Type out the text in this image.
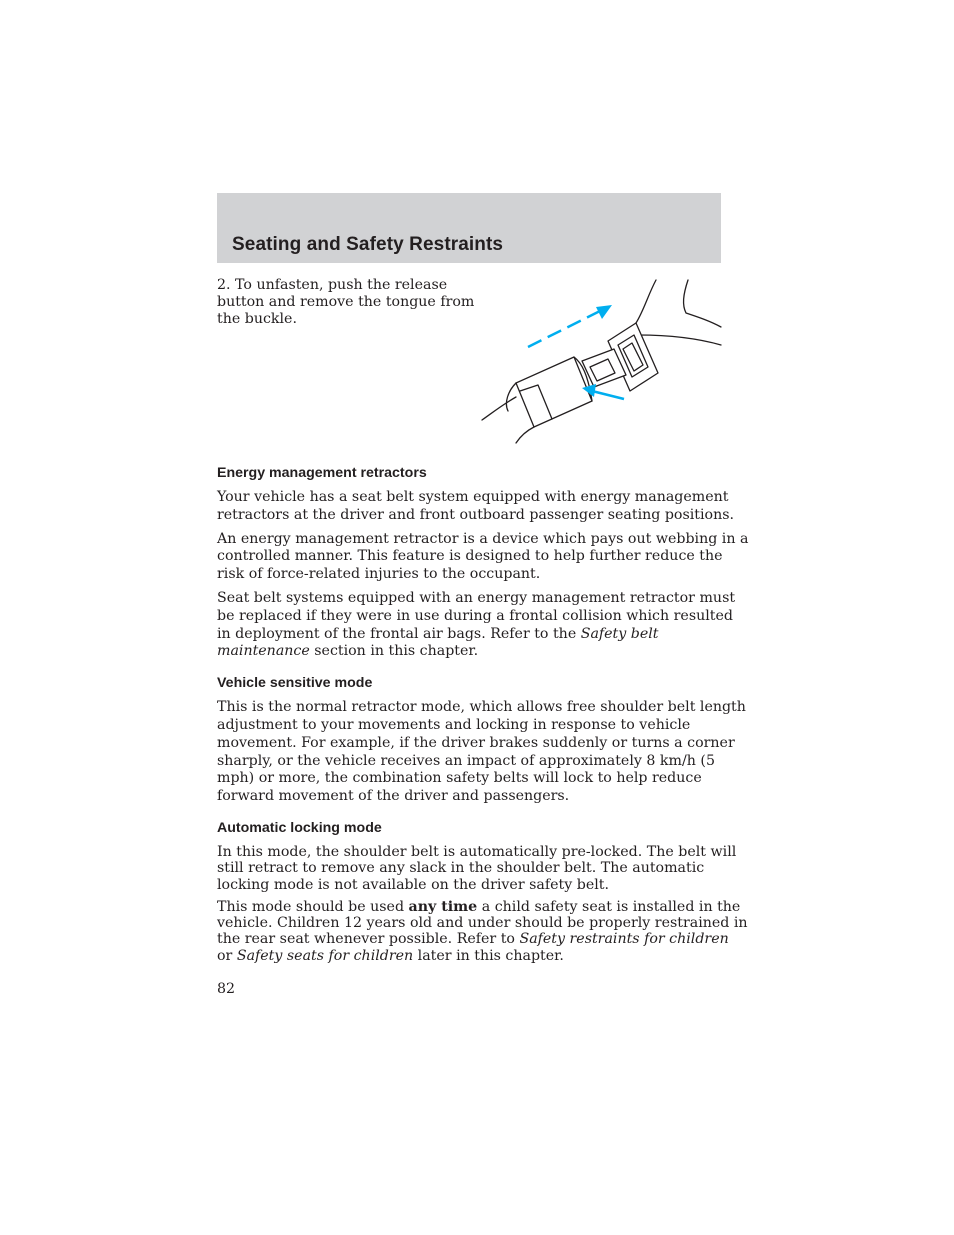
Seating and Safety Restraints

2. To unfasten, push the release
button and remove the tongue from
the buckle.

Energy management retractors

Your vehicle has a seat belt system equipped with energy management
retractors at the driver and front outboard passenger seating positions.

An energy management retractor is a device which pays out webbing in a
controlled manner. This feature is designed to help further reduce the
risk of force-related injuries to the occupant.

Seat belt systems equipped with an energy management retractor must
be replaced if they were in use during a frontal collision which resulted
in deployment of the frontal air bags. Refer to the Safety belt
maintenance section in this chapter.

Vehicle sensitive mode

This is the normal retractor mode, which allows free shoulder belt length
adjustment to your movements and locking in response to vehicle
movement. For example, if the driver brakes suddenly or turns a corner
sharply, or the vehicle receives an impact of approximately 8 km/h (5
mph) or more, the combination safety belts will lock to help reduce
forward movement of the driver and passengers.

Automatic locking mode

In this mode, the shoulder belt is automatically pre-locked. The belt will
still retract to remove any slack in the shoulder belt. The automatic
locking mode is not available on the driver safety belt.

This mode should be used any time a child safety seat is installed in the
vehicle. Children 12 years old and under should be properly restrained in
the rear seat whenever possible. Refer to Safety restraints for children
or Safety seats for children later in this chapter.

82
